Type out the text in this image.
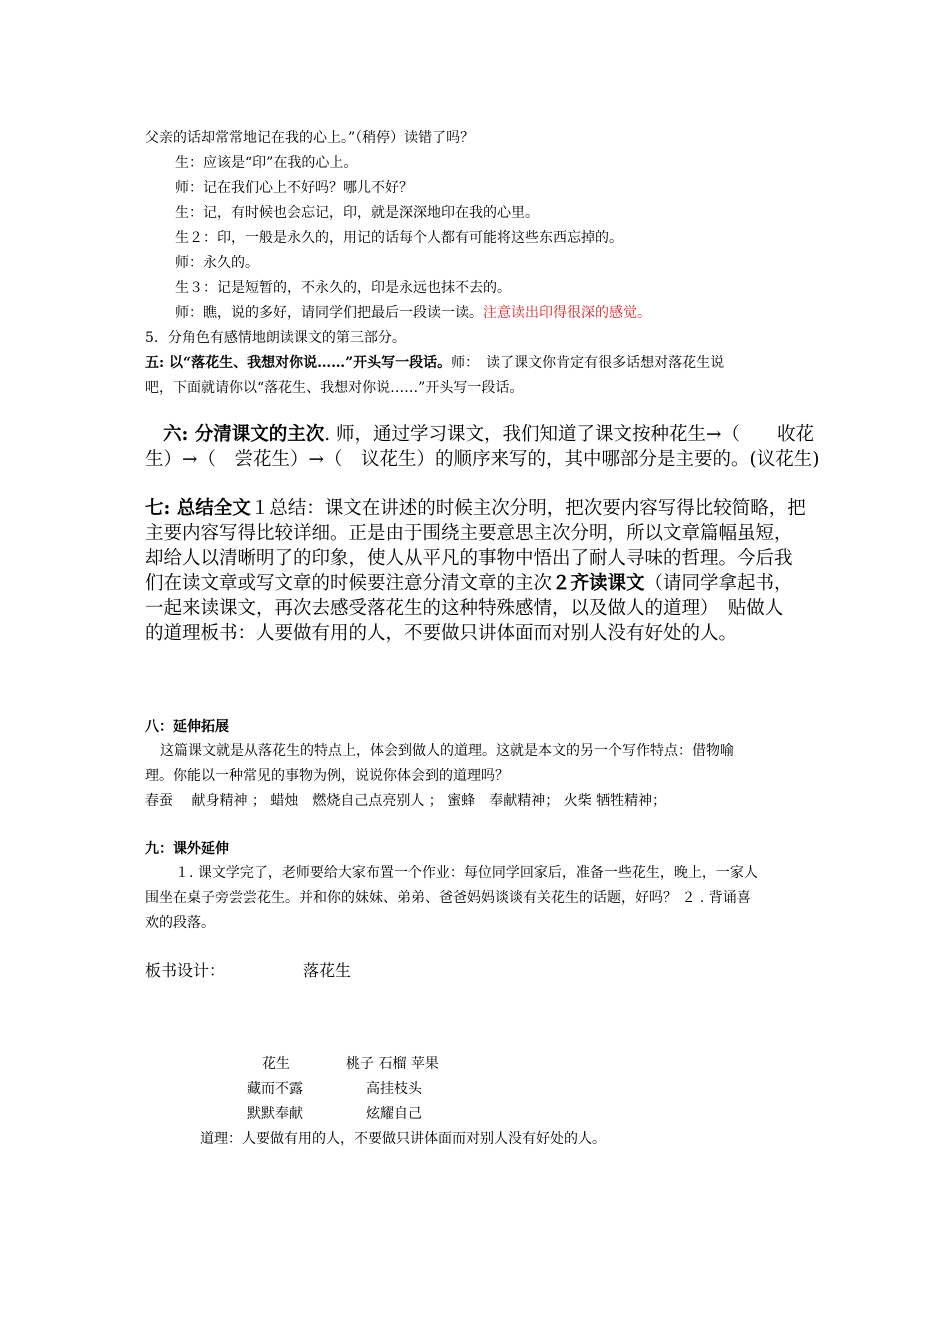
父亲的话却常常地记在我的心上。”（稍停）读错了吗？

生：应该是“印”在我的心上。

师：记在我们心上不好吗？哪儿不好？

生：记，有时候也会忘记，印，就是深深地印在我的心里。

生２：印，一般是永久的，用记的话每个人都有可能将这些东西忘掉的。

师：永久的。

生３：记是短暂的，不永久的，印是永远也抹不去的。

师：瞧，说的多好，请同学们把最后一段读一读。注意读出印得很深的感觉。

5．分角色有感情地朗读课文的第三部分。

五: 以“落花生、我想对你说……”开头写一段话。师：　读了课文你肯定有很多话想对落花生说

吧，下面就请你以“落花生、我想对你说……”开头写一段话。

六: 分清课文的主次. 师，通过学习课文，我们知道了课文按种花生→（　　收花

生）→（　尝花生）→（　议花生）的顺序来写的，其中哪部分是主要的。(议花生)

七: 总结全文１总结：课文在讲述的时候主次分明，把次要内容写得比较简略，把

主要内容写得比较详细。正是由于围绕主要意思主次分明，所以文章篇幅虽短，

却给人以清晰明了的印象，使人从平凡的事物中悟出了耐人寻味的哲理。今后我

们在读文章或写文章的时候要注意分清文章的主次２齐读课文（请同学拿起书，

一起来读课文，再次去感受落花生的这种特殊感情，以及做人的道理）　贴做人

的道理板书：人要做有用的人，不要做只讲体面而对别人没有好处的人。

八：延伸拓展

这篇课文就是从落花生的特点上，体会到做人的道理。这就是本文的另一个写作特点：借物喻

理。你能以一种常见的事物为例，说说你体会到的道理吗？

春蚕　 献身精神 ； 蜡烛　燃烧自己点亮别人 ； 蜜蜂　奉献精神； 火柴 牺牲精神；

九：课外延伸

１. 课文学完了，老师要给大家布置一个作业：每位同学回家后，准备一些花生，晚上，一家人

围坐在桌子旁尝尝花生。并和你的妹妹、弟弟、爸爸妈妈谈谈有关花生的话题，好吗？ ２ . 背诵喜

欢的段落。

板书设计：	落花生

花生	桃子 石榴 苹果

藏而不露	高挂枝头

默默奉献	炫耀自己

道理：人要做有用的人，不要做只讲体面而对别人没有好处的人。
